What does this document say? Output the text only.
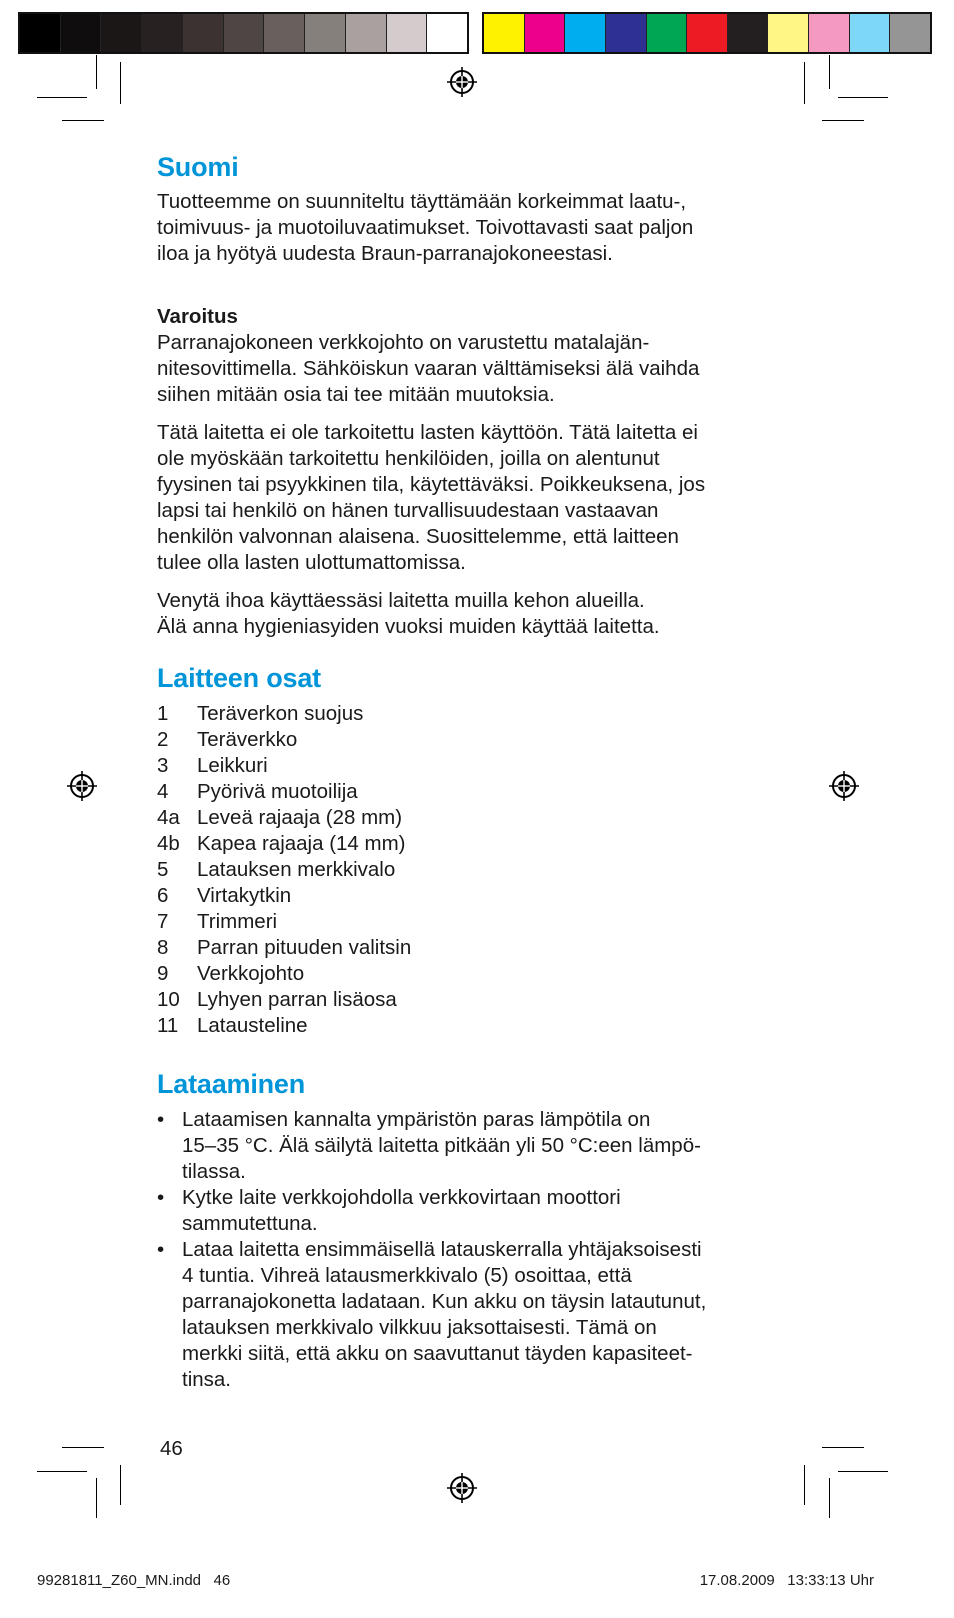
Suomi

Tuotteemme on suunniteltu täyttämään korkeimmat laatu-,
toimivuus- ja muotoiluvaatimukset. Toivottavasti saat paljon
iloa ja hyötyä uudesta Braun-parranajokoneestasi.

Varoitus

Parranajokoneen verkkojohto on varustettu matalajän-
nitesovittimella. Sähköiskun vaaran välttämiseksi älä vaihda
siihen mitään osia tai tee mitään muutoksia.

Tätä laitetta ei ole tarkoitettu lasten käyttöön. Tätä laitetta ei
ole myöskään tarkoitettu henkilöiden, joilla on alentunut
fyysinen tai psyykkinen tila, käytettäväksi. Poikkeuksena, jos
lapsi tai henkilö on hänen turvallisuudestaan vastaavan
henkilön valvonnan alaisena. Suosittelemme, että laitteen
tulee olla lasten ulottumattomissa.

Venytä ihoa käyttäessäsi laitetta muilla kehon alueilla.
Älä anna hygieniasyiden vuoksi muiden käyttää laitetta.

Laitteen osat
1	Teräverkon suojus
2	Teräverkko
3	Leikkuri
4	Pyörivä muotoilija
4a Leveä rajaaja (28 mm)
4b Kapea rajaaja (14 mm)
5	Latauksen merkkivalo
6	Virtakytkin
7	Trimmeri
8	Parran pituuden valitsin
9	Verkkojohto
10 Lyhyen parran lisäosa
11 Latausteline
Lataaminen
• Lataamisen kannalta ympäristön paras lämpötila on
15–35 °C. Älä säilytä laitetta pitkään yli 50 °C:een lämpö-
tilassa.
• Kytke laite verkkojohdolla verkkovirtaan moottori
sammutettuna.
• Lataa laitetta ensimmäisellä latauskerralla yhtäjaksoisesti
4 tuntia. Vihreä latausmerkkivalo (5) osoittaa, että
parranajokonetta ladataan. Kun akku on täysin latautunut,
latauksen merkkivalo vilkkuu jaksottaisesti. Tämä on
merkki siitä, että akku on saavuttanut täyden kapasiteet-
tinsa.
46
99281811_Z60_MN.indd   46	17.08.2009   13:33:13 Uhr
